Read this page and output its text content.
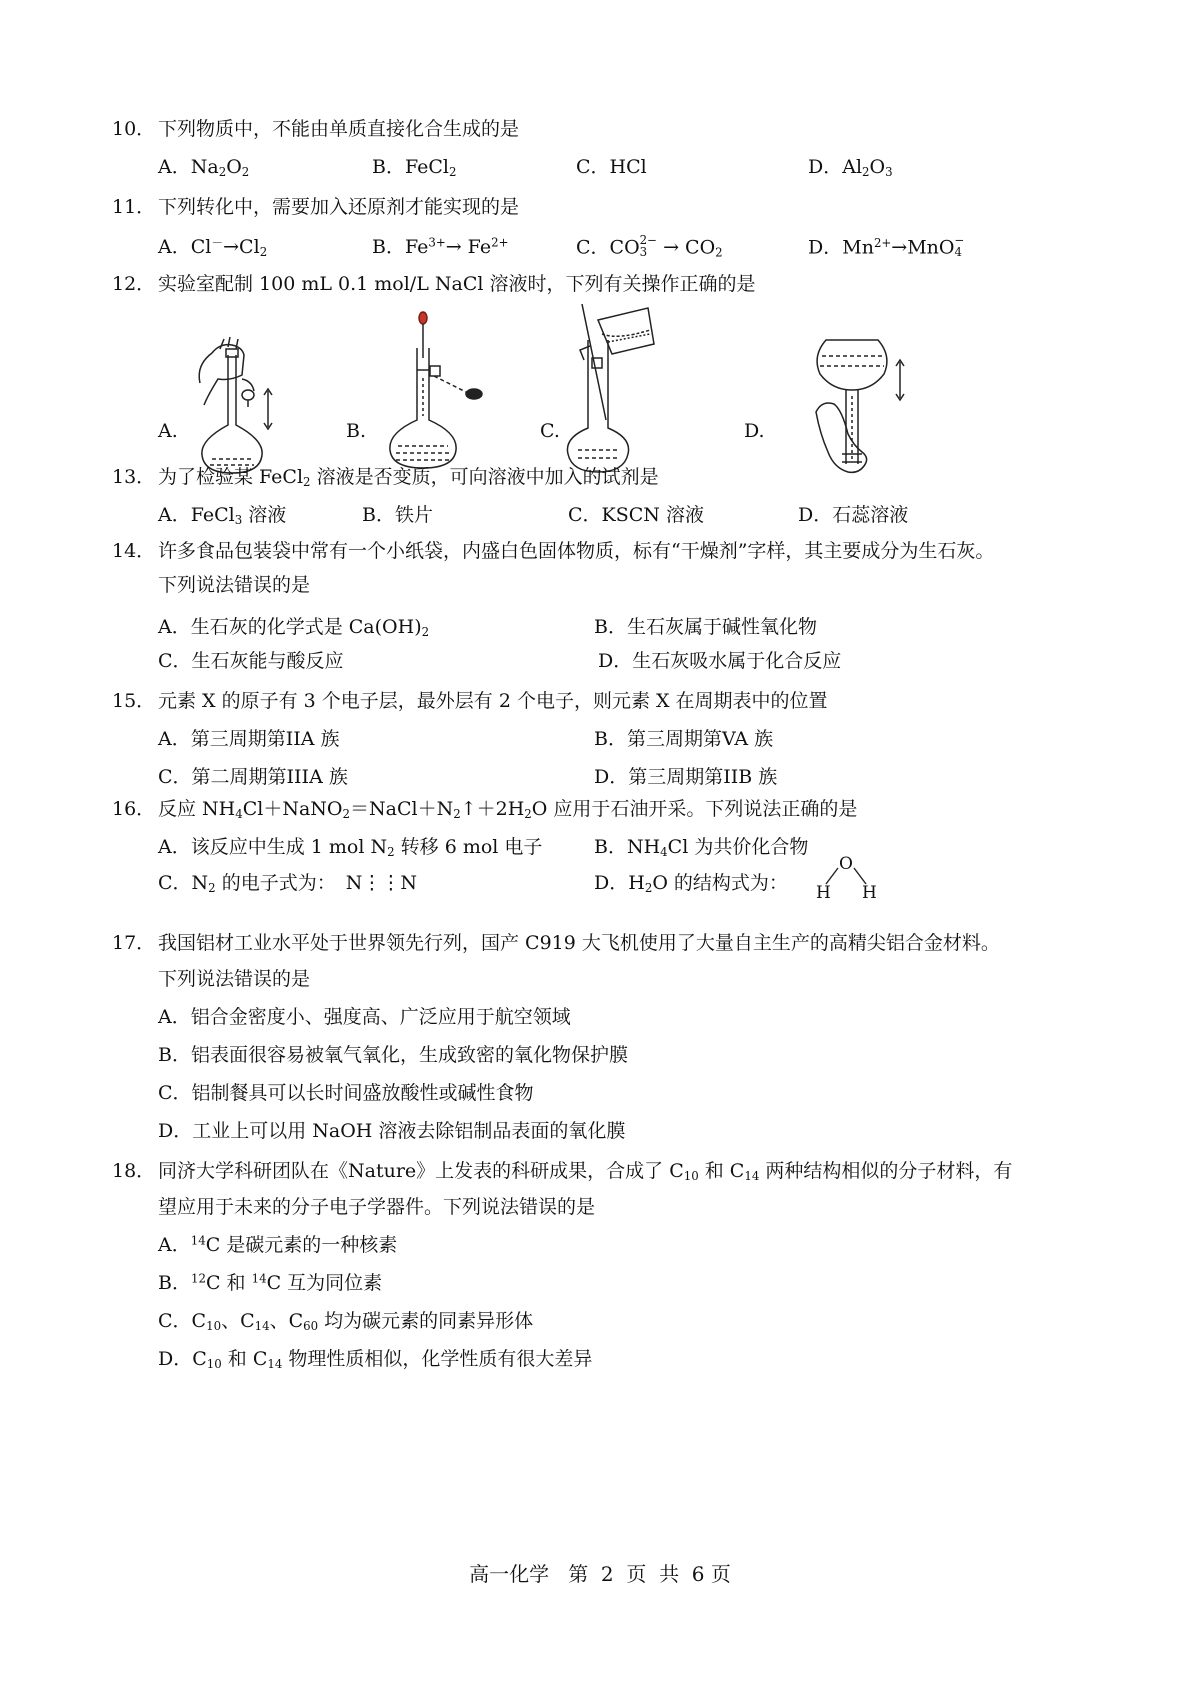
10． 下列物质中，不能由单质直接化合生成的是
A．$Na_2O_2$	B．FeCl$_2$	C．HCl	D．$Al_2O_3$
11． 下列转化中，需要加入还原剂才能实现的是
A．$Cl^-\to Cl_2$	B．$Fe^{3+}\to Fe^{2+}$	C．CO 2−
$3 \to CO_2$	D．$Mn^{2+}\to MnO$ −
4
12． 实验室配制 100 mL 0.1 mol/L NaCl 溶液时，下列有关操作正确的是
A.	B.	C.	D.
13． 为了检验某 FeCl$_2$ 溶液是否变质，可向溶液中加入的试剂是
A．FeCl$_3$ 溶液	B．铁片	C．KSCN 溶液	D．石蕊溶液
14． 许多食品包装袋中常有一个小纸袋，内盛白色固体物质，标有“干燥剂”字样，其主要成分为生石灰。
下列说法错误的是
A．生石灰的化学式是 $Ca(OH)_2$	B．生石灰属于碱性氧化物
C．生石灰能与酸反应	D．生石灰吸水属于化合反应
15． 元素 X 的原子有 3 个电子层，最外层有 2 个电子，则元素 X 在周期表中的位置
A．第三周期第IIA 族	B．第三周期第VA 族
C．第二周期第IIIA 族	D．第三周期第IIB 族
16． 反应 $NH_4Cl+NaNO_2=NaCl+N_2↑+2H_2O$ 应用于石油开采。下列说法正确的是
A．该反应中生成 1 mol $N_2$ 转移 6 mol 电子	B．$NH_4Cl$ 为共价化合物
C．$N_2$ 的电子式为： N⋮⋮N	D．$H_2O$ 的结构式为：
O
H H
17． 我国铝材工业水平处于世界领先行列，国产 C919 大飞机使用了大量自主生产的高精尖铝合金材料。
下列说法错误的是
A．铝合金密度小、强度高、广泛应用于航空领域
B．铝表面很容易被氧气氧化，生成致密的氧化物保护膜
C．铝制餐具可以长时间盛放酸性或碱性食物
D．工业上可以用 NaOH 溶液去除铝制品表面的氧化膜
18． 同济大学科研团队在《Nature》上发表的科研成果，合成了 $C_{10}$ 和 $C_{14}$ 两种结构相似的分子材料，有
望应用于未来的分子电子学器件。下列说法错误的是
A．$^{14}$C 是碳元素的一种核素
B．$^{12}$C 和 $^{14}$C 互为同位素
C．$C_{10}$、$C_{14}$、$C_{60}$ 均为碳元素的同素异形体
D．$C_{10}$ 和 $C_{14}$ 物理性质相似，化学性质有很大差异
高一化学   第  2  页  共  6 页
